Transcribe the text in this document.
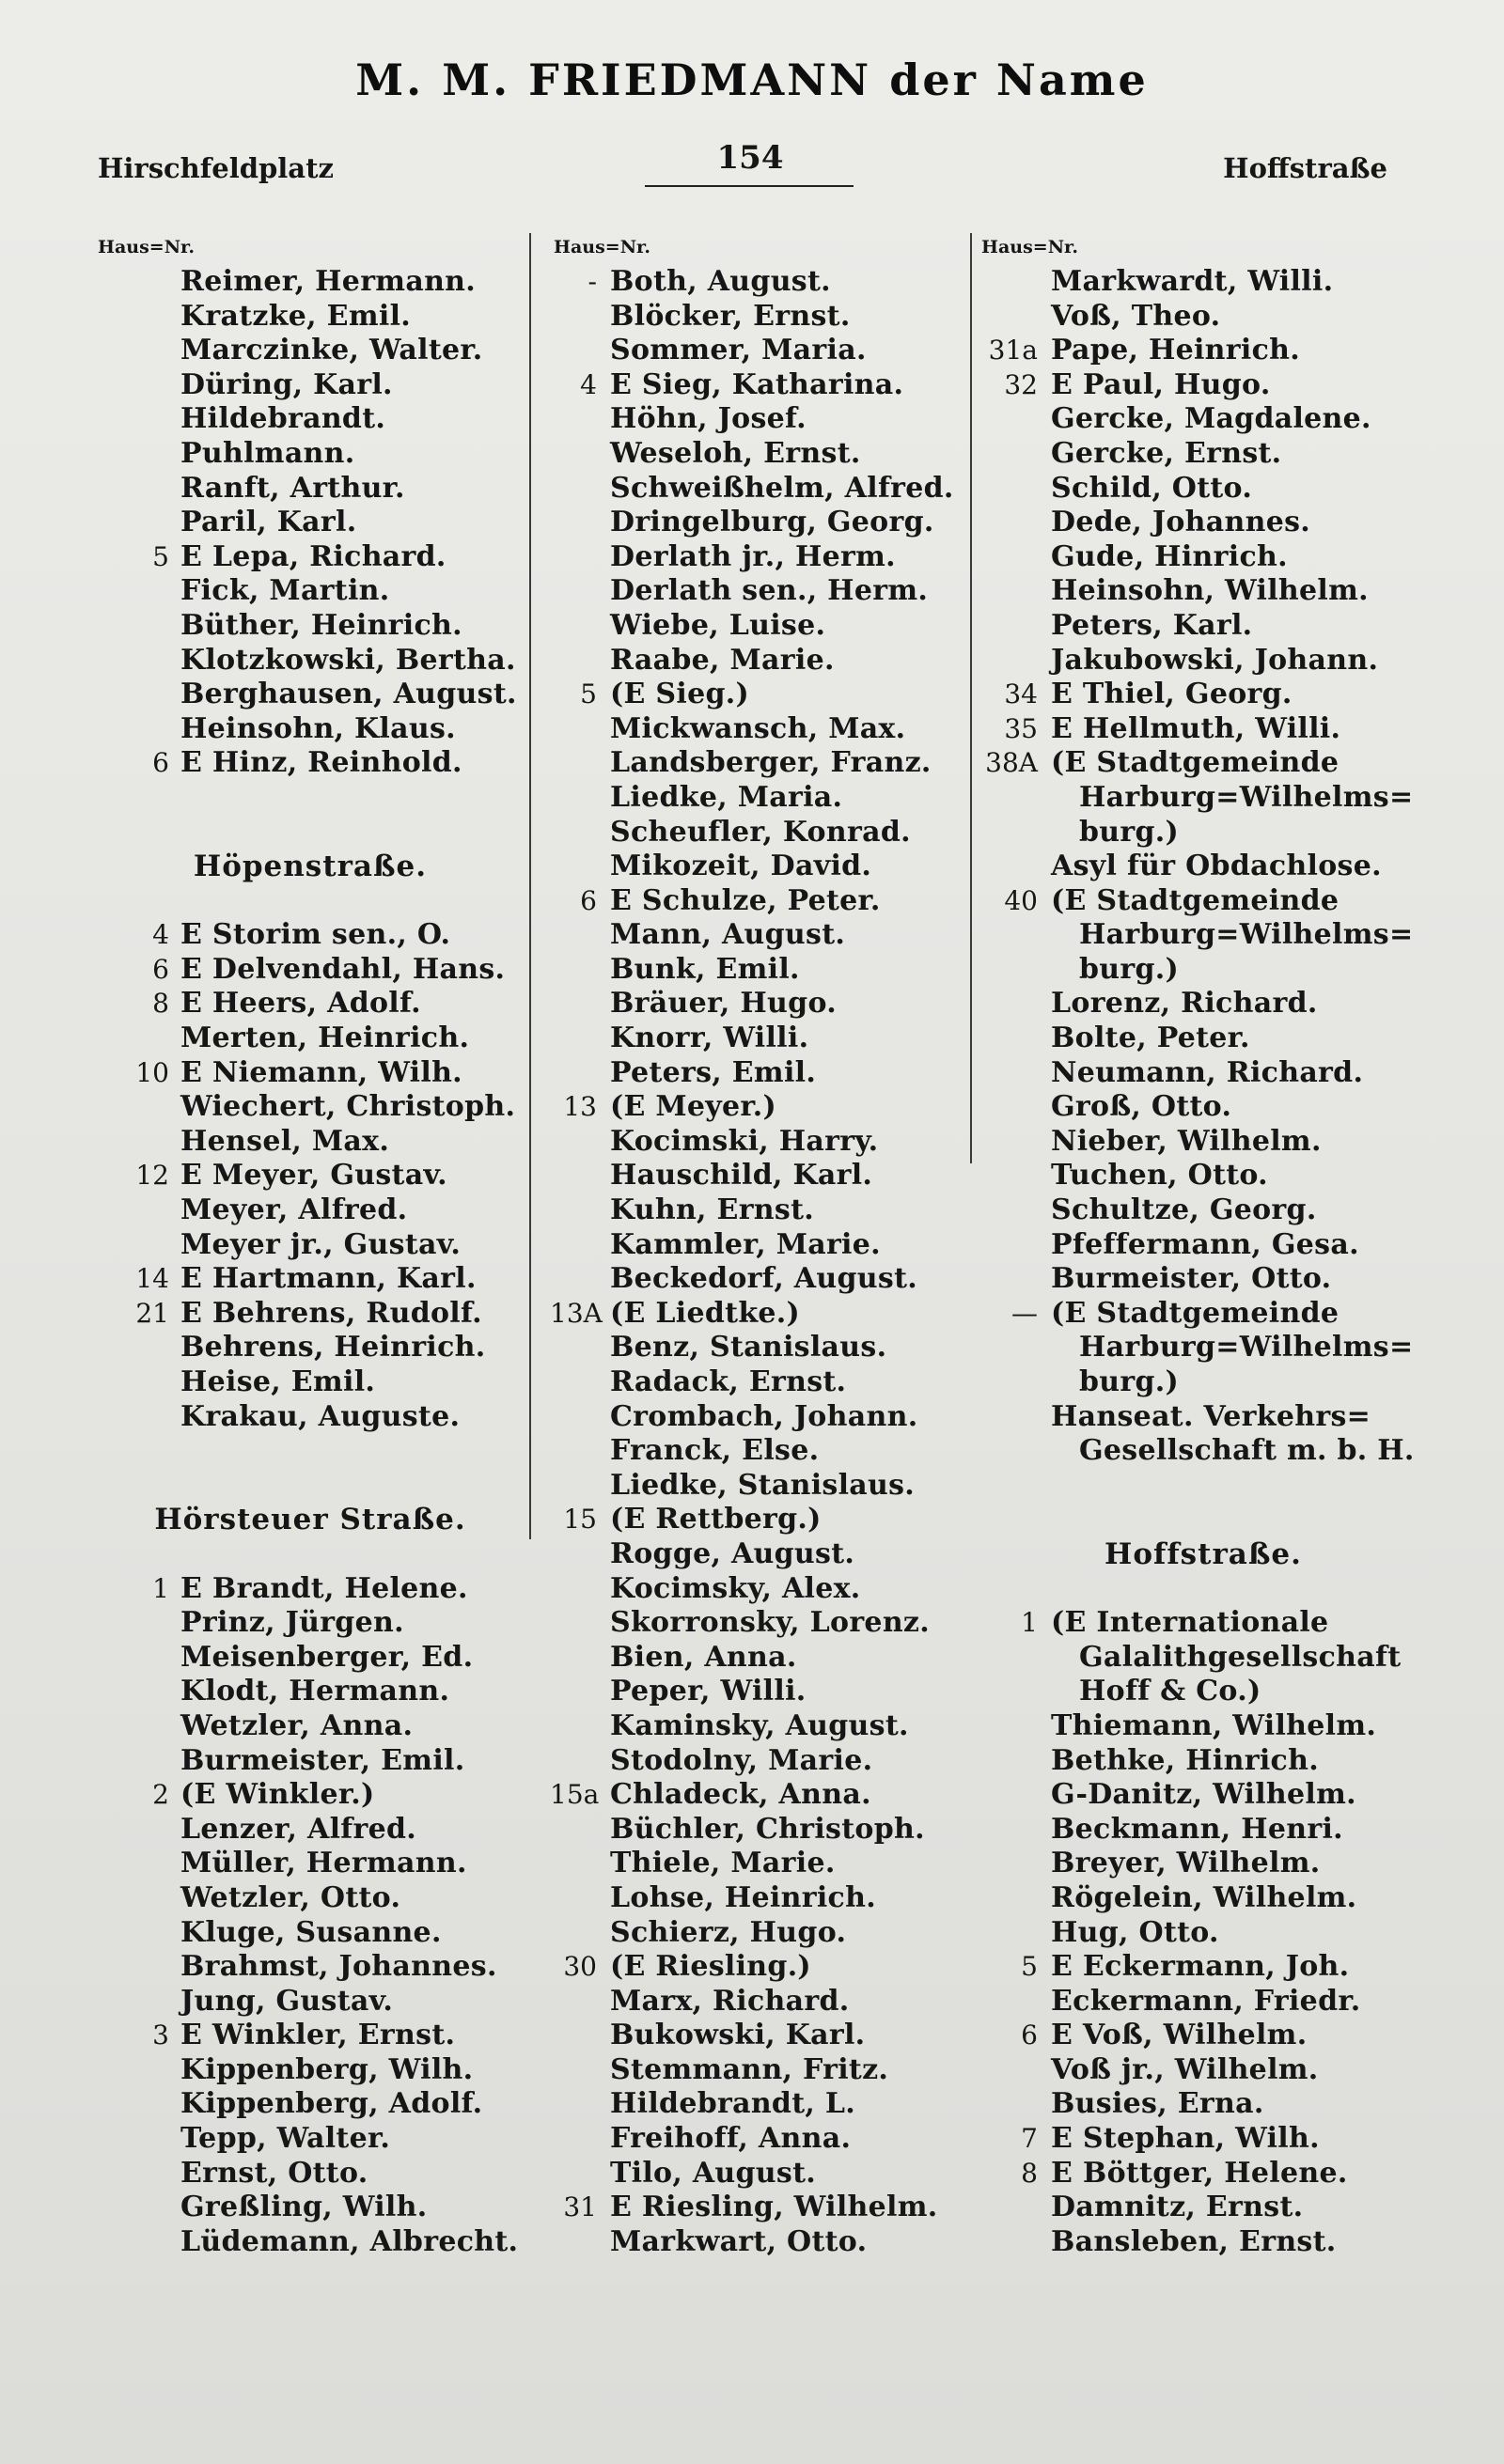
M. M. FRIEDMANN der Name
Hirschfeldplatz	154	Hoffstraße
Haus=Nr.
Reimer, Hermann.
Kratzke, Emil.
Marczinke, Walter.
Düring, Karl.
Hildebrandt.
Puhlmann.
Ranft, Arthur.
Paril, Karl.
5 E Lepa, Richard.
Fick, Martin.
Büther, Heinrich.
Klotzkowski, Bertha.
Berghausen, August.
Heinsohn, Klaus.
6 E Hinz, Reinhold.
Höpenstraße.
4 E Storim sen., O.
6 E Delvendahl, Hans.
8 E Heers, Adolf.
Merten, Heinrich.
10 E Niemann, Wilh.
Wiechert, Christoph.
Hensel, Max.
12 E Meyer, Gustav.
Meyer, Alfred.
Meyer jr., Gustav.
14 E Hartmann, Karl.
21 E Behrens, Rudolf.
Behrens, Heinrich.
Heise, Emil.
Krakau, Auguste.
Hörsteuer Straße.
1 E Brandt, Helene.
Prinz, Jürgen.
Meisenberger, Ed.
Klodt, Hermann.
Wetzler, Anna.
Burmeister, Emil.
2 (E Winkler.)
Lenzer, Alfred.
Müller, Hermann.
Wetzler, Otto.
Kluge, Susanne.
Brahmst, Johannes.
Jung, Gustav.
3 E Winkler, Ernst.
Kippenberg, Wilh.
Kippenberg, Adolf.
Tepp, Walter.
Ernst, Otto.
Greßling, Wilh.
Lüdemann, Albrecht.
Haus=Nr.
- Both, August.
Blöcker, Ernst.
Sommer, Maria.
4 E Sieg, Katharina.
Höhn, Josef.
Weseloh, Ernst.
Schweißhelm, Alfred.
Dringelburg, Georg.
Derlath jr., Herm.
Derlath sen., Herm.
Wiebe, Luise.
Raabe, Marie.
5 (E Sieg.)
Mickwansch, Max.
Landsberger, Franz.
Liedke, Maria.
Scheufler, Konrad.
Mikozeit, David.
6 E Schulze, Peter.
Mann, August.
Bunk, Emil.
Bräuer, Hugo.
Knorr, Willi.
Peters, Emil.
13 (E Meyer.)
Kocimski, Harry.
Hauschild, Karl.
Kuhn, Ernst.
Kammler, Marie.
Beckedorf, August.
13A (E Liedtke.)
Benz, Stanislaus.
Radack, Ernst.
Crombach, Johann.
Franck, Else.
Liedke, Stanislaus.
15 (E Rettberg.)
Rogge, August.
Kocimsky, Alex.
Skorronsky, Lorenz.
Bien, Anna.
Peper, Willi.
Kaminsky, August.
Stodolny, Marie.
15a Chladeck, Anna.
Büchler, Christoph.
Thiele, Marie.
Lohse, Heinrich.
Schierz, Hugo.
30 (E Riesling.)
Marx, Richard.
Bukowski, Karl.
Stemmann, Fritz.
Hildebrandt, L.
Freihoff, Anna.
Tilo, August.
31 E Riesling, Wilhelm.
Markwart, Otto.
Haus=Nr.
Markwardt, Willi.
Voß, Theo.
31a Pape, Heinrich.
32 E Paul, Hugo.
Gercke, Magdalene.
Gercke, Ernst.
Schild, Otto.
Dede, Johannes.
Gude, Hinrich.
Heinsohn, Wilhelm.
Peters, Karl.
Jakubowski, Johann.
34 E Thiel, Georg.
35 E Hellmuth, Willi.
38A (E Stadtgemeinde
Harburg=Wilhelms=
burg.)
Asyl für Obdachlose.
40 (E Stadtgemeinde
Harburg=Wilhelms=
burg.)
Lorenz, Richard.
Bolte, Peter.
Neumann, Richard.
Groß, Otto.
Nieber, Wilhelm.
Tuchen, Otto.
Schultze, Georg.
Pfeffermann, Gesa.
Burmeister, Otto.
— (E Stadtgemeinde
Harburg=Wilhelms=
burg.)
Hanseat. Verkehrs=
Gesellschaft m. b. H.
Hoffstraße.
1 (E Internationale
Galalithgesellschaft
Hoff & Co.)
Thiemann, Wilhelm.
Bethke, Hinrich.
G-Danitz, Wilhelm.
Beckmann, Henri.
Breyer, Wilhelm.
Rögelein, Wilhelm.
Hug, Otto.
5 E Eckermann, Joh.
Eckermann, Friedr.
6 E Voß, Wilhelm.
Voß jr., Wilhelm.
Busies, Erna.
7 E Stephan, Wilh.
8 E Böttger, Helene.
Damnitz, Ernst.
Bansleben, Ernst.
